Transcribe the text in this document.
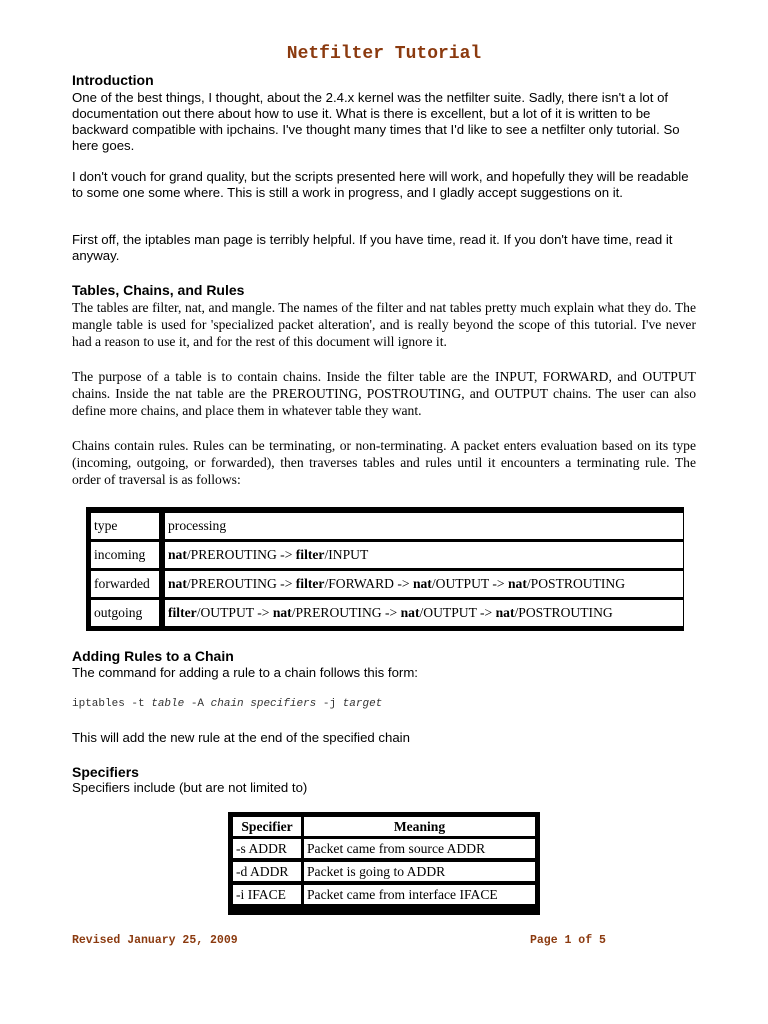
Netfilter Tutorial
Introduction

One of the best things, I thought, about the 2.4.x kernel was the netfilter suite. Sadly, there isn't a lot of documentation out there about how to use it. What is there is excellent, but a lot of it is written to be backward compatible with ipchains. I've thought many times that I'd like to see a netfilter only tutorial. So here goes.

I don't vouch for grand quality, but the scripts presented here will work, and hopefully they will be readable to some one some where. This is still a work in progress, and I gladly accept suggestions on it.

First off, the iptables man page is terribly helpful. If you have time, read it. If you don't have time, read it anyway.

Tables, Chains, and Rules

The tables are filter, nat, and mangle. The names of the filter and nat tables pretty much explain what they do. The mangle table is used for 'specialized packet alteration', and is really beyond the scope of this tutorial. I've never had a reason to use it, and for the rest of this document will ignore it.

The purpose of a table is to contain chains. Inside the filter table are the INPUT, FORWARD, and OUTPUT chains. Inside the nat table are the PREROUTING, POSTROUTING, and OUTPUT chains. The user can also define more chains, and place them in whatever table they want.

Chains contain rules. Rules can be terminating, or non-terminating. A packet enters evaluation based on its type (incoming, outgoing, or forwarded), then traverses tables and rules until it encounters a terminating rule. The order of traversal is as follows:

type	processing
incoming	nat/PREROUTING -> filter/INPUT
forwarded	nat/PREROUTING -> filter/FORWARD -> nat/OUTPUT -> nat/POSTROUTING
outgoing	filter/OUTPUT -> nat/PREROUTING -> nat/OUTPUT -> nat/POSTROUTING
Adding Rules to a Chain

The command for adding a rule to a chain follows this form:

iptables -t table -A chain specifiers -j target

This will add the new rule at the end of the specified chain

Specifiers

Specifiers include (but are not limited to)

Specifier	Meaning
-s ADDR	Packet came from source ADDR
-d ADDR	Packet is going to ADDR
-i IFACE	Packet came from interface IFACE
Revised January 25, 2009	Page 1 of 5
